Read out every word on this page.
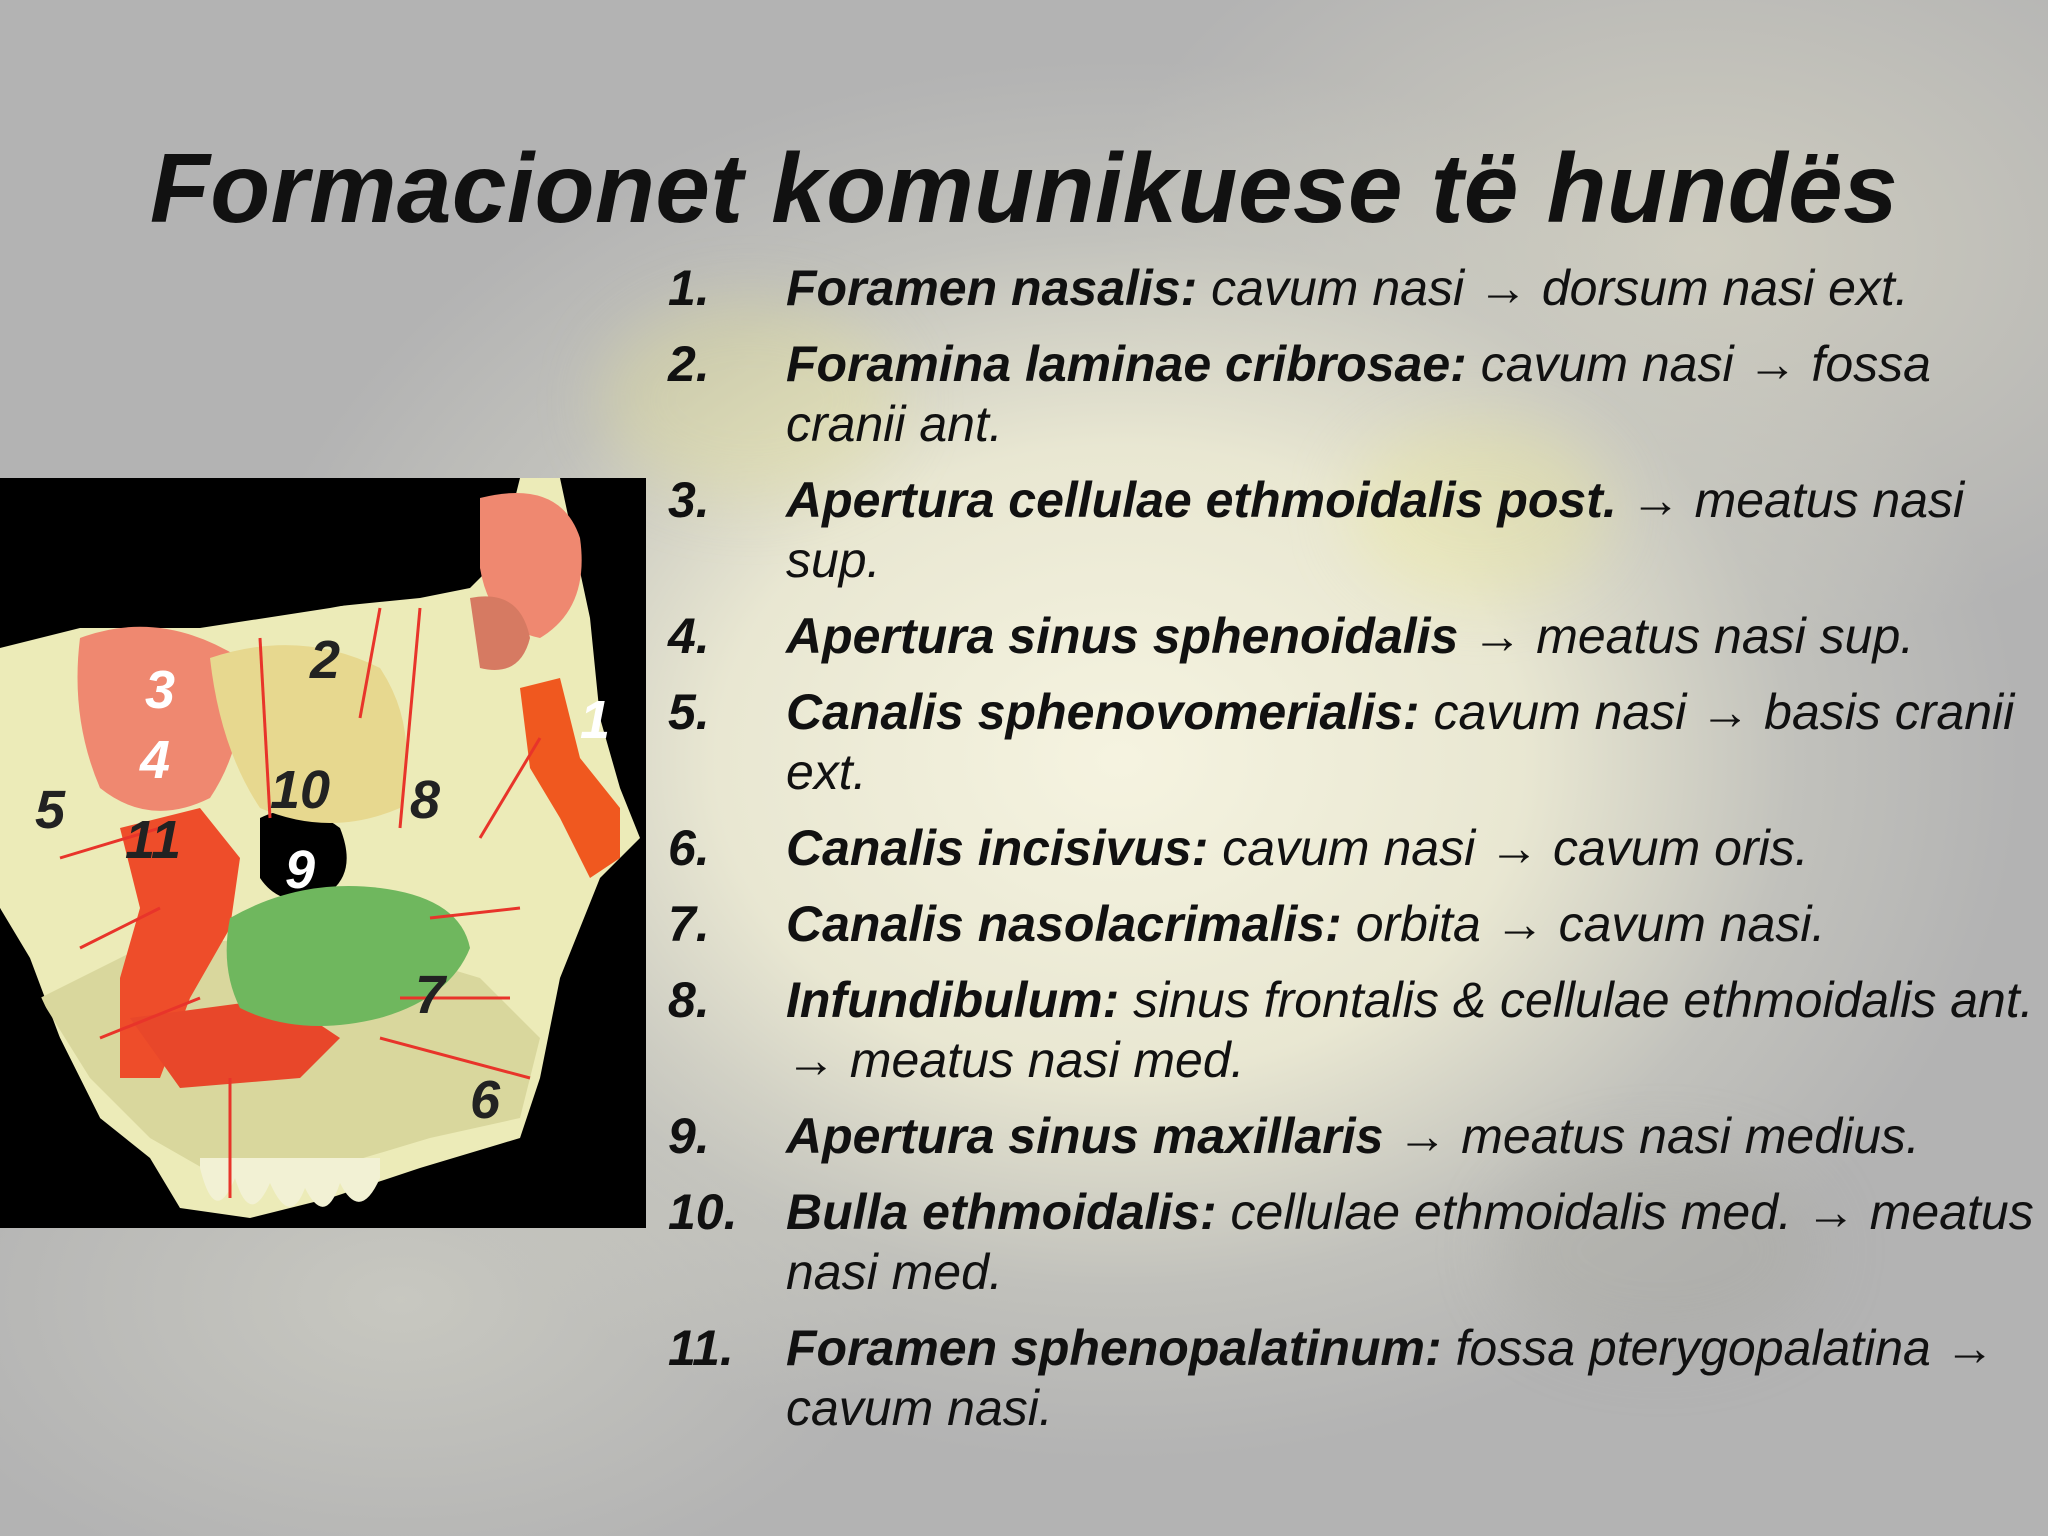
Formacionet komunikuese të hundës
1
2
3
4
5
6
7
8
9
10
11
1. Foramen nasalis: cavum nasi → dorsum nasi ext.
2. Foramina laminae cribrosae: cavum nasi → fossa cranii ant.
3. Apertura cellulae ethmoidalis post. → meatus nasi sup.
4. Apertura sinus sphenoidalis → meatus nasi sup.
5. Canalis sphenovomerialis: cavum nasi → basis cranii ext.
6. Canalis incisivus: cavum nasi → cavum oris.
7. Canalis nasolacrimalis: orbita → cavum nasi.
8. Infundibulum: sinus frontalis & cellulae ethmoidalis ant. → meatus nasi med.
9. Apertura sinus maxillaris → meatus nasi medius.
10. Bulla ethmoidalis: cellulae ethmoidalis med. → meatus nasi med.
11. Foramen sphenopalatinum: fossa pterygopalatina → cavum nasi.
